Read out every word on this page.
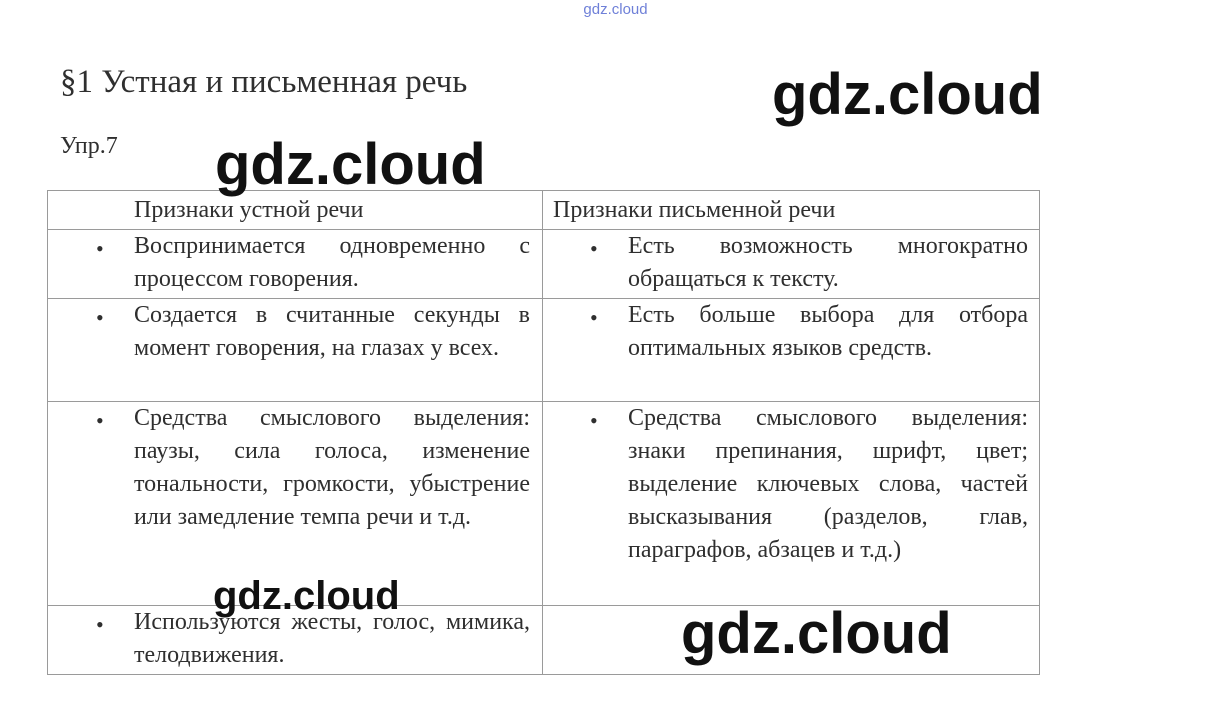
gdz.cloud
§1 Устная и письменная речь
Упр.7
Признаки устной речи	Признаки письменной речи

• Воспринимается одновременно с процессом говорения.	• Есть возможность многократно обращаться к тексту.

• Создается в считанные секунды в момент говорения, на глазах у всех.	• Есть больше выбора для отбора оптимальных языков средств.

• Средства смыслового выделения: паузы, сила голоса, изменение тональности, громкости, убыстрение или замедление темпа речи и т.д.	• Средства смыслового выделения: знаки препинания, шрифт, цвет; выделение ключевых слова, частей высказывания (разделов, глав, параграфов, абзацев и т.д.)

• Используются жесты, голос, мимика, телодвижения.	

gdz.cloud
gdz.cloud
gdz.cloud
gdz.cloud
